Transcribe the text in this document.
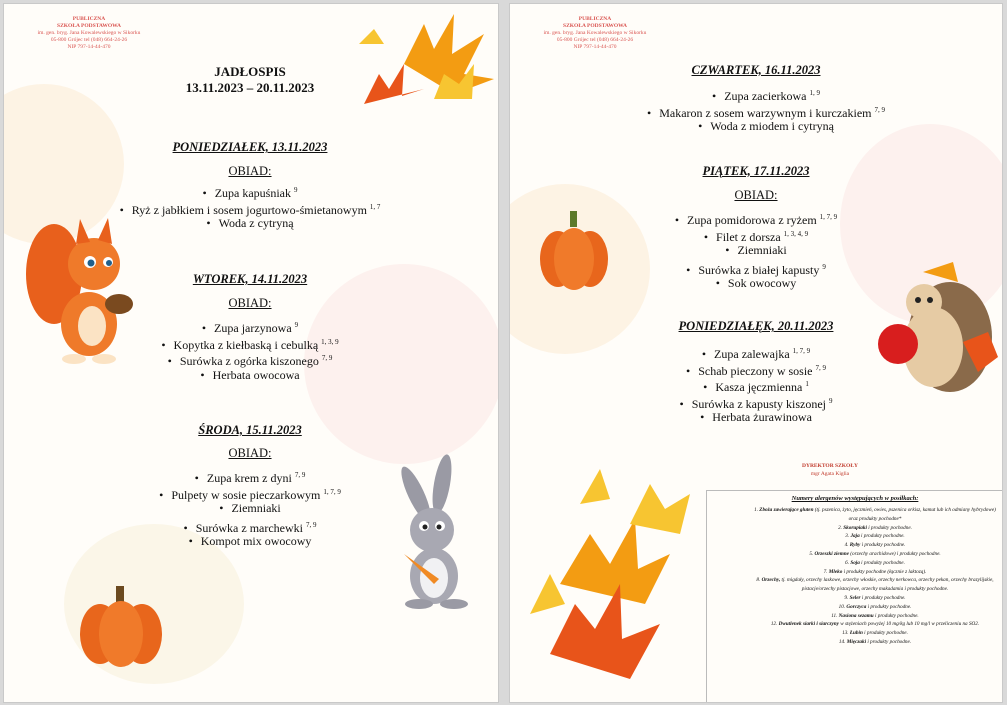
PUBLICZNA
SZKOŁA PODSTAWOWA
im. gen. bryg. Jana Kowalewskiego w Sikorku
05-800 Grójec tel (048) 664-24-26
NIP 797-14-44-470
JADŁOSPIS
13.11.2023 – 20.11.2023
PONIEDZIAŁEK, 13.11.2023
OBIAD:
• Zupa kapuśniak $^9$
• Ryż z jabłkiem i sosem jogurtowo-śmietanowym $^{1, 7}$
• Woda z cytryną
WTOREK, 14.11.2023
OBIAD:
• Zupa jarzynowa $^9$
• Kopytka z kiełbaską i cebulką $^{1, 3, 9}$
• Surówka z ogórka kiszonego $^{7, 9}$
• Herbata owocowa
ŚRODA, 15.11.2023
OBIAD:
• Zupa krem z dyni $^{7, 9}$
• Pulpety w sosie pieczarkowym $^{1, 7, 9}$
• Ziemniaki
• Surówka z marchewki $^{7, 9}$
• Kompot mix owocowy
PUBLICZNA
SZKOŁA PODSTAWOWA
im. gen. bryg. Jana Kowalewskiego w Sikorku
05-800 Grójec tel (048) 664-24-26
NIP 797-14-44-470
CZWARTEK, 16.11.2023
• Zupa zacierkowa $^{1, 9}$
• Makaron z sosem warzywnym i kurczakiem $^{7, 9}$
• Woda z miodem i cytryną
PIĄTEK, 17.11.2023
OBIAD:
• Zupa pomidorowa z ryżem $^{1, 7, 9}$
• Filet z dorsza $^{1, 3, 4, 9}$
• Ziemniaki
• Surówka z białej kapusty $^9$
• Sok owocowy
PONIEDZIAŁĘK, 20.11.2023
• Zupa zalewajka $^{1, 7, 9}$
• Schab pieczony w sosie $^{7, 9}$
• Kasza jęczmienna $^1$
• Surówka z kapusty kiszonej $^9$
• Herbata żurawinowa
DYREKTOR SZKOŁY
mgr Agata Kiglia
Numery alergenów występujących w posiłkach:
1. Zboża zawierające gluten (tj. pszenica, żyto, jęczmień, owies, pszenica orkisz, kamut lub ich odmiany hybrydowe) oraz produkty pochodne*
2. Skorupiaki i produkty pochodne.
3. Jaja i produkty pochodne.
4. Ryby i produkty pochodne.
5. Orzeszki ziemne (orzechy arachidowe) i produkty pochodne.
6. Soja i produkty pochodne.
7. Mleko i produkty pochodne (łącznie z laktozą).
8. Orzechy, tj. migdały, orzechy laskowe, orzechy włoskie, orzechy nerkowca, orzechy pekan, orzechy brazylijskie, pistacje/orzechy pistacjowe, orzechy makadamia i produkty pochodne.
9. Seler i produkty pochodne.
10. Gorczyca i produkty pochodne.
11. Nasiona sezamu i produkty pochodne.
12. Dwutlenek siarki i siarczyny w stężeniach powyżej 10 mg/kg lub 10 mg/l w przeliczeniu na SO2.
13. Łubin i produkty pochodne.
14. Mięczaki i produkty pochodne.
